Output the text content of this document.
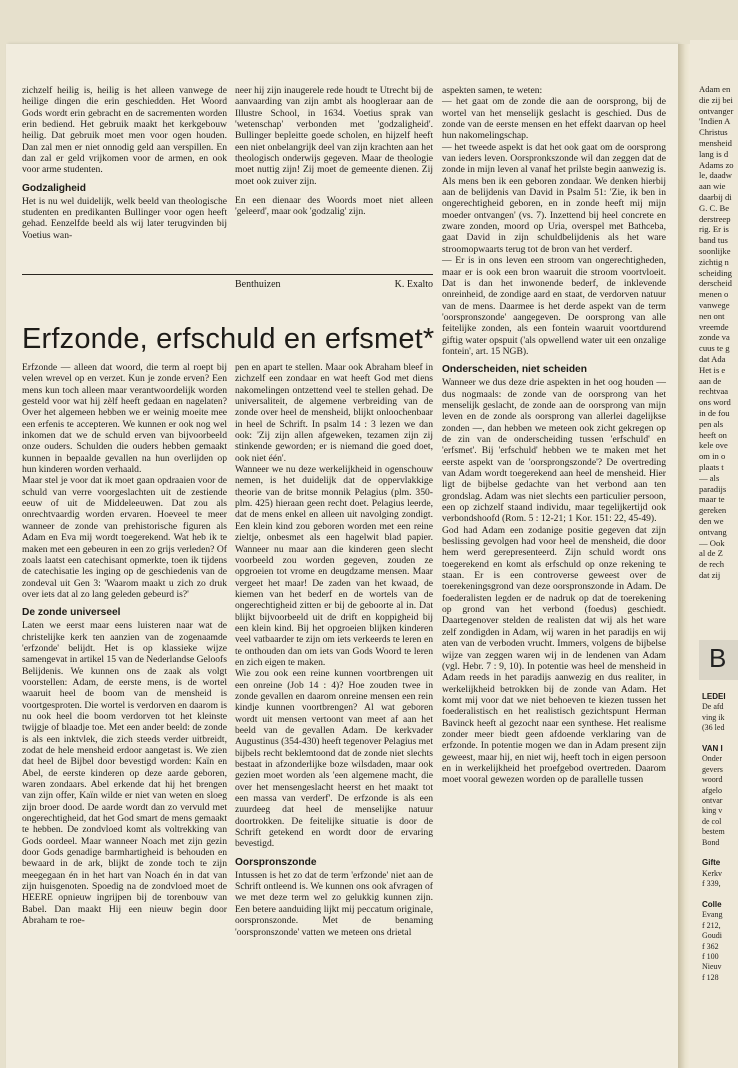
zichzelf heilig is, heilig is het alleen vanwege de heilige dingen die erin geschiedden. Het Woord Gods wordt erin gebracht en de sacrementen worden erin bediend. Het gebruik maakt het kerkgebouw heilig. Dat gebruik moet men voor ogen houden. Dan zal men er niet onnodig geld aan verspillen. En dan zal er geld vrijkomen voor de armen, en ook voor arme studenten.

Godzaligheid

Het is nu wel duidelijk, welk beeld van theologische studenten en predikanten Bullinger voor ogen heeft gehad. Eenzelfde beeld als wij later terugvinden bij Voetius wan-

neer hij zijn inaugerele rede houdt te Utrecht bij de aanvaarding van zijn ambt als hoogleraar aan de Illustre School, in 1634. Voetius sprak van 'wetenschap' verbonden met 'godzaligheid'. Bullinger bepleitte goede scholen, en hijzelf heeft een niet onbelangrijk deel van zijn krachten aan het theologisch onderwijs gegeven. Maar de theologie moet nuttig zijn! Zij moet de gemeente dienen. Zij moet ook zuiver zijn.

En een dienaar des Woords moet niet alleen 'geleerd', maar ook 'godzalig' zijn.

Benthuizen	K. Exalto

aspekten samen, te weten:

— het gaat om de zonde die aan de oorsprong, bij de wortel van het menselijk geslacht is geschied. Dus de zonde van de eerste mensen en het effekt daarvan op heel hun nakomelingschap.

— het tweede aspekt is dat het ook gaat om de oorsprong van ieders leven. Oorspronkszonde wil dan zeggen dat de zonde in mijn leven al vanaf het prilste begin aanwezig is. Als mens ben ik een geboren zondaar. We denken hierbij aan de belijdenis van David in Psalm 51: 'Zie, ik ben in ongerechtigheid geboren, en in zonde heeft mij mijn moeder ontvangen' (vs. 7). Inzettend bij heel concrete en zware zonden, moord op Uria, overspel met Bathceba, gaat David in zijn schuldbelijdenis als het ware stroomopwaarts terug tot de bron van het verderf.

— Er is in ons leven een stroom van ongerechtigheden, maar er is ook een bron waaruit die stroom voortvloeit. Dat is dan het inwonende bederf, de inklevende onreinheid, de zondige aard en staat, de verdorven natuur van de mens. Daarmee is het derde aspekt van de term 'oorspronszonde' aangegeven. De oorsprong van alle feitelijke zonden, als een fontein waaruit voortdurend giftig water opspuit ('als opwellend water uit een onzalige fontein', art. 15 NGB).

Onderscheiden, niet scheiden

Wanneer we dus deze drie aspekten in het oog houden — dus nogmaals: de zonde van de oorsprong van het menselijk geslacht, de zonde aan de oorsprong van mijn leven en de zonde als oorsprong van allerlei dagelijkse zonden —, dan hebben we meteen ook zicht gekregen op de zin van de onderscheiding tussen 'erfschuld' en 'erfsmet'. Bij 'erfschuld' hebben we te maken met het eerste aspekt van de 'oorsprongszonde'? De overtreding van Adam wordt toegerekend aan heel de mensheid. Hier ligt de bijbelse gedachte van het verbond aan ten grondslag. Adam was niet slechts een particulier persoon, een op zichzelf staand individu, maar tegelijkertijd ook verbondshoofd (Rom. 5 : 12-21; 1 Kor. 151: 22, 45-49).

God had Adam een zodanige positie gegeven dat zijn beslissing gevolgen had voor heel de mensheid, die door hem werd gerepresenteerd. Zijn schuld wordt ons toegerekend en komt als erfschuld op onze rekening te staan. Er is een controverse geweest over de toerekeningsgrond van deze oorspronszonde in Adam. De foederalisten legden er de nadruk op dat de toerekening op grond van het verbond (foedus) geschiedt. Daartegenover stelden de realisten dat wij als het ware zelf zondigden in Adam, wij waren in het paradijs en wij aten van de verboden vrucht. Immers, volgens de bijbelse wijze van zeggen waren wij in de lendenen van Adam (vgl. Hebr. 7 : 9, 10). In potentie was heel de mensheid in Adam reeds in het paradijs aanwezig en dus realiter, in werkelijkheid betrokken bij de zonde van Adam. Het komt mij voor dat we niet behoeven te kiezen tussen het foederalistisch en het realistisch gezichtspunt Herman Bavinck heeft al gezocht naar een synthese. Het realisme zonder meer biedt geen afdoende verklaring van de erfzonde. In potentie mogen we dan in Adam present zijn geweest, maar hij, en niet wij, heeft toch in eigen persoon en in werkelijkheid het proefgebod overtreden. Daarom moet vooral gewezen worden op de parallelle tussen

Erfzonde, erfschuld en erfsmet*

Erfzonde — alleen dat woord, die term al roept bij velen wrevel op en verzet. Kun je zonde erven? Een mens kun toch alleen maar verantwoordelijk worden gesteld voor wat hij zèlf heeft gedaan en nagelaten? Over het algemeen hebben we er weinig moeite mee een erfenis te accepteren. We kunnen er ook nog wel inkomen dat we de schuld erven van bijvoorbeeld onze ouders. Schulden die ouders hebben gemaakt kunnen in bepaalde gevallen na hun overlijden op hun kinderen worden verhaald.

Maar stel je voor dat ik moet gaan opdraaien voor de schuld van verre voorgeslachten uit de zestiende eeuw of uit de Middeleeuwen. Dat zou als onrechtvaardig worden ervaren. Hoeveel te meer wanneer de zonde van prehistorische figuren als Adam en Eva mij wordt toegerekend. Wat heb ik te maken met een gebeuren in een zo grijs verleden? Of zoals laatst een catechisant opmerkte, toen ik tijdens de catechisatie les inging op de geschiedenis van de zondeval uit Gen 3: 'Waarom maakt u zich zo druk over iets dat al zo lang geleden gebeurd is?'

De zonde universeel

Laten we eerst maar eens luisteren naar wat de christelijke kerk ten aanzien van de zogenaamde 'erfzonde' belijdt. Het is op klassieke wijze samengevat in artikel 15 van de Nederlandse Geloofs Belijdenis. We kunnen ons de zaak als volgt voorstellen: Adam, de eerste mens, is de wortel waaruit heel de boom van de mensheid is voortgesproten. Die wortel is verdorven en daarom is nu ook heel die boom verdorven tot het kleinste twijgje of blaadje toe. Met een ander beeld: de zonde is als een inktvlek, die zich steeds verder uitbreidt, zodat de hele mensheid erdoor aangetast is. We zien dat heel de Bijbel door bevestigd worden: Kaïn en Abel, de eerste kinderen op deze aarde geboren, waren zondaars. Abel erkende dat hij het brengen van zijn offer, Kaïn wilde er niet van weten en sloeg zijn broer dood. De aarde wordt dan zo vervuld met ongerechtigheid, dat het God smart de mens gemaakt te hebben. De zondvloed komt als voltrekking van Gods oordeel. Maar wanneer Noach met zijn gezin door Gods genadige barmhartigheid is behouden en bewaard in de ark, blijkt de zonde toch te zijn meegegaan én in het hart van Noach én in dat van zijn huisgenoten. Spoedig na de zondvloed moet de HEERE opnieuw ingrijpen bij de torenbouw van Babel. Dan maakt Hij een nieuw begin door Abraham te roe-

pen en apart te stellen. Maar ook Abraham bleef in zichzelf een zondaar en wat heeft God met diens nakomelingen ontzettend veel te stellen gehad. De universaliteit, de algemene verbreiding van de zonde over heel de mensheid, blijkt onloochenbaar in heel de Schrift. In psalm 14 : 3 lezen we dan ook: 'Zij zijn allen afgeweken, tezamen zijn zij stinkende geworden; er is niemand die goed doet, ook niet één'.

Wanneer we nu deze werkelijkheid in ogenschouw nemen, is het duidelijk dat de oppervlakkige theorie van de britse monnik Pelagius (plm. 350-plm. 425) hieraan geen recht doet. Pelagius leerde, dat de mens enkel en alleen uit navolging zondigt. Een klein kind zou geboren worden met een reine zieltje, onbesmet als een hagelwit blad papier. Wanneer nu maar aan die kinderen geen slecht voorbeeld zou worden gegeven, zouden ze opgroeien tot vrome en deugdzame mensen. Maar vergeet het maar! De zaden van het kwaad, de kiemen van het bederf en de wortels van de ongerechtigheid zitten er bij de geboorte al in. Dat blijkt bijvoorbeeld uit de drift en koppigheid bij een klein kind. Bij het opgroeien blijken kinderen veel vatbaarder te zijn om iets verkeerds te leren en te onthouden dan om iets van Gods Woord te leren en zich eigen te maken.

Wie zou ook een reine kunnen voortbrengen uit een onreine (Job 14 : 4)? Hoe zouden twee in zonde gevallen en daarom onreine mensen een rein kindje kunnen voortbrengen? Al wat geboren wordt uit mensen vertoont van meet af aan het beeld van de gevallen Adam. De kerkvader Augustinus (354-430) heeft tegenover Pelagius met bijbels recht beklemtoond dat de zonde niet slechts bestaat in afzonderlijke boze wilsdaden, maar ook gezien moet worden als 'een algemene macht, die over het mensengeslacht heerst en het maakt tot een massa van verderf'. De erfzonde is als een zuurdeeg dat heel de menselijke natuur doortrokken. De feitelijke situatie is door de Schrift getekend en wordt door de ervaring bevestigd.

Oorspronszonde

Intussen is het zo dat de term 'erfzonde' niet aan de Schrift ontleend is. We kunnen ons ook afvragen of we met deze term wel zo gelukkig kunnen zijn. Een betere aanduiding lijkt mij peccatum originale, oorspronszonde. Met de benaming 'oorspronszonde' vatten we meteen ons drietal

Adam en
die zij bei
ontvanger
'Indien A
Christus
mensheid
lang is d
Adams zo
le, daadw
aan wie
daarbij di
G. C. Be
derstreep
rig. Er is
band tus
soonlijke
zichtig n
scheiding
derscheid
menen o
vanwege
nen ont
vreemde
zonde va
cuus te g
dat Ada
Het is e
aan de
rechtvaa
ons word
in de fou
pen als
heeft on
kele ove
om in o
plaats t
— als
paradijs
maar te
gereken
den we
ontvang
— Ook
al de Z
de rech
dat zij
B
LEDEI
De afd
ving ik
(36 led
VAN I
Onder
gevers
woord
afgelo
ontvar
king v
de col
bestem
Bond
Gifte
Kerkv
f 339,
Colle
Evang
f 212,
Goudi
f 362
f 100
Nieuv
f 128
